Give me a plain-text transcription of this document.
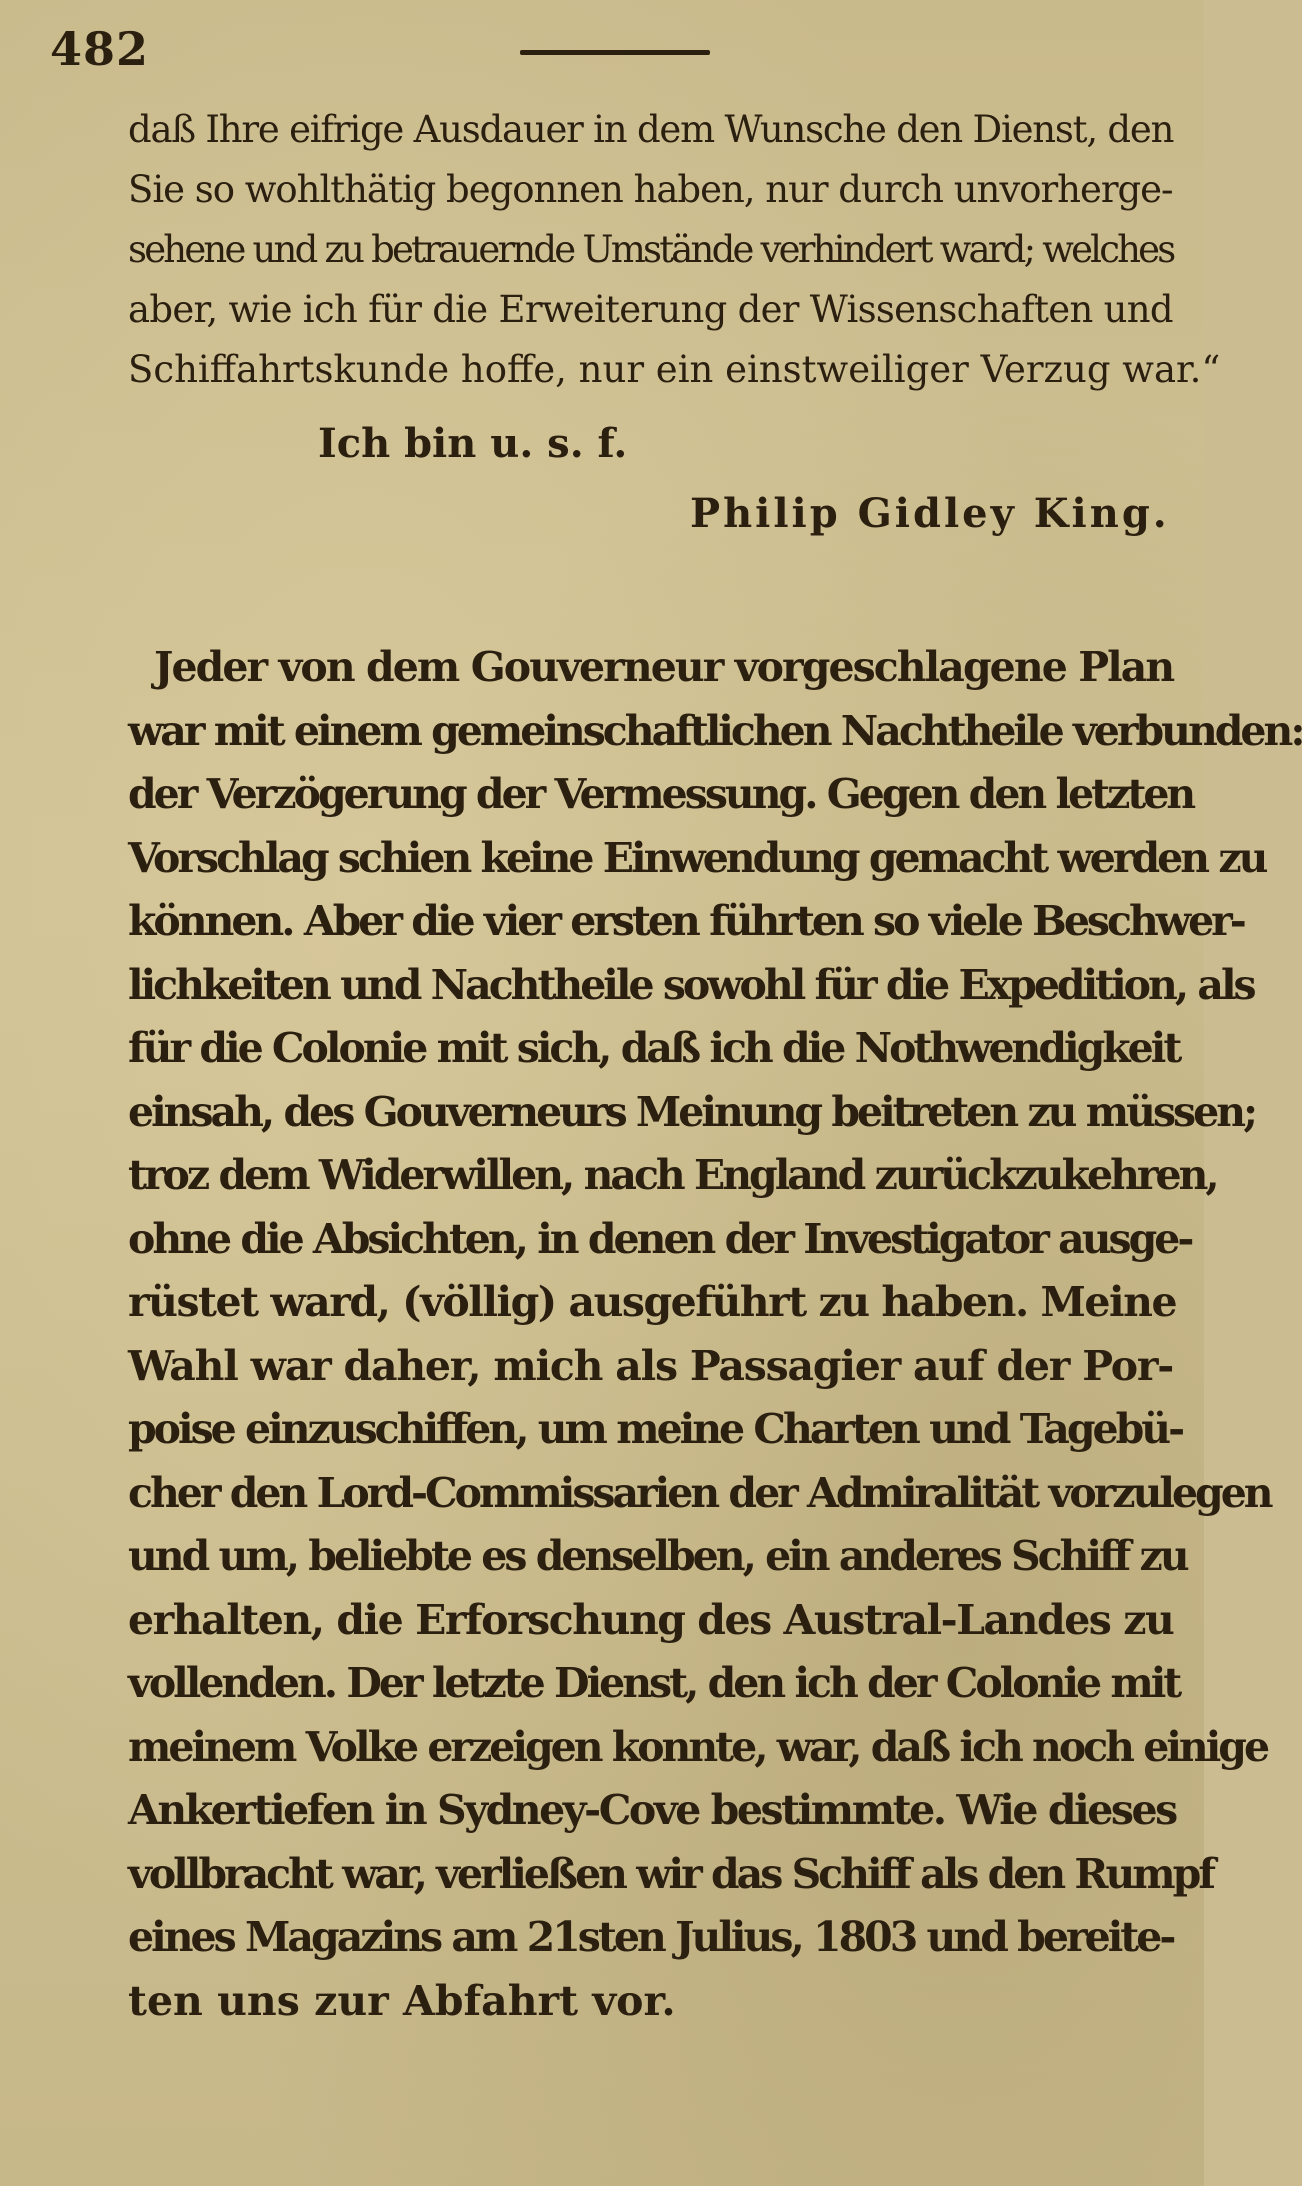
482
daß Ihre eifrige Ausdauer in dem Wunsche den Dienst, den
Sie so wohlthätig begonnen haben, nur durch unvorherge-
sehene und zu betrauernde Umstände verhindert ward; welches
aber, wie ich für die Erweiterung der Wissenschaften und
Schiffahrtskunde hoffe, nur ein einstweiliger Verzug war.“
Ich bin u. s. f.
Philip Gidley King.
Jeder von dem Gouverneur vorgeschlagene Plan
war mit einem gemeinschaftlichen Nachtheile verbunden:
der Verzögerung der Vermessung. Gegen den letzten
Vorschlag schien keine Einwendung gemacht werden zu
können. Aber die vier ersten führten so viele Beschwer-
lichkeiten und Nachtheile sowohl für die Expedition, als
für die Colonie mit sich, daß ich die Nothwendigkeit
einsah, des Gouverneurs Meinung beitreten zu müssen;
troz dem Widerwillen, nach England zurückzukehren,
ohne die Absichten, in denen der Investigator ausge-
rüstet ward, (völlig) ausgeführt zu haben. Meine
Wahl war daher, mich als Passagier auf der Por-
poise einzuschiffen, um meine Charten und Tagebü-
cher den Lord-Commissarien der Admiralität vorzulegen
und um, beliebte es denselben, ein anderes Schiff zu
erhalten, die Erforschung des Austral-Landes zu
vollenden. Der letzte Dienst, den ich der Colonie mit
meinem Volke erzeigen konnte, war, daß ich noch einige
Ankertiefen in Sydney-Cove bestimmte. Wie dieses
vollbracht war, verließen wir das Schiff als den Rumpf
eines Magazins am 21sten Julius, 1803 und bereite-
ten uns zur Abfahrt vor.
